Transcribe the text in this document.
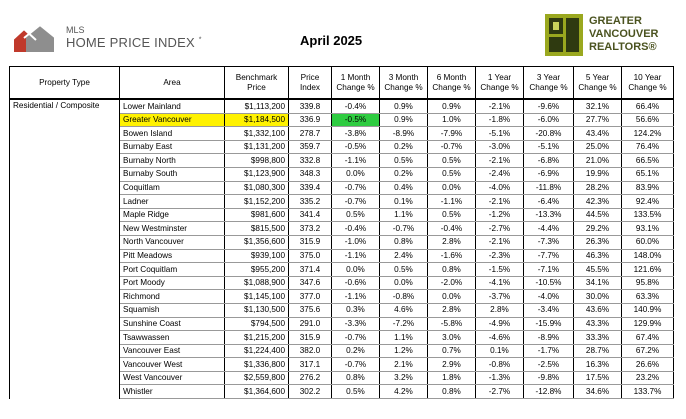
MLS
HOME PRICE INDEX *	April 2025
GREATER
VANCOUVER
REALTORS®
Property Type	Area	Benchmark Price	Price Index	1 Month Change %	3 Month Change %	6 Month Change %	1 Year Change %	3 Year Change %	5 Year Change %	10 Year Change %
Residential / Composite	Lower Mainland	$1,113,200	339.8	-0.4%	0.9%	0.9%	-2.1%	-9.6%	32.1%	66.4%
	Greater Vancouver	$1,184,500	336.9	-0.5%	0.9%	1.0%	-1.8%	-6.0%	27.7%	56.6%
	Bowen Island	$1,332,100	278.7	-3.8%	-8.9%	-7.9%	-5.1%	-20.8%	43.4%	124.2%
	Burnaby East	$1,131,200	359.7	-0.5%	0.2%	-0.7%	-3.0%	-5.1%	25.0%	76.4%
	Burnaby North	$998,800	332.8	-1.1%	0.5%	0.5%	-2.1%	-6.8%	21.0%	66.5%
	Burnaby South	$1,123,900	348.3	0.0%	0.2%	0.5%	-2.4%	-6.9%	19.9%	65.1%
	Coquitlam	$1,080,300	339.4	-0.7%	0.4%	0.0%	-4.0%	-11.8%	28.2%	83.9%
	Ladner	$1,152,200	335.2	-0.7%	0.1%	-1.1%	-2.1%	-6.4%	42.3%	92.4%
	Maple Ridge	$981,600	341.4	0.5%	1.1%	0.5%	-1.2%	-13.3%	44.5%	133.5%
	New Westminster	$815,500	373.2	-0.4%	-0.7%	-0.4%	-2.7%	-4.4%	29.2%	93.1%
	North Vancouver	$1,356,600	315.9	-1.0%	0.8%	2.8%	-2.1%	-7.3%	26.3%	60.0%
	Pitt Meadows	$939,100	375.0	-1.1%	2.4%	-1.6%	-2.3%	-7.7%	46.3%	148.0%
	Port Coquitlam	$955,200	371.4	0.0%	0.5%	0.8%	-1.5%	-7.1%	45.5%	121.6%
	Port Moody	$1,088,900	347.6	-0.6%	0.0%	-2.0%	-4.1%	-10.5%	34.1%	95.8%
	Richmond	$1,145,100	377.0	-1.1%	-0.8%	0.0%	-3.7%	-4.0%	30.0%	63.3%
	Squamish	$1,130,500	375.6	0.3%	4.6%	2.8%	2.8%	-3.4%	43.6%	140.9%
	Sunshine Coast	$794,500	291.0	-3.3%	-7.2%	-5.8%	-4.9%	-15.9%	43.3%	129.9%
	Tsawwassen	$1,215,200	315.9	-0.7%	1.1%	3.0%	-4.6%	-8.9%	33.3%	67.4%
	Vancouver East	$1,224,400	382.0	0.2%	1.2%	0.7%	0.1%	-1.7%	28.7%	67.2%
	Vancouver West	$1,336,800	317.1	-0.7%	2.1%	2.9%	-0.8%	-2.5%	16.3%	26.6%
	West Vancouver	$2,559,800	276.2	0.8%	3.2%	1.8%	-1.3%	-9.8%	17.5%	23.2%
	Whistler	$1,364,600	302.2	0.5%	4.2%	0.8%	-2.7%	-12.8%	34.6%	133.7%
